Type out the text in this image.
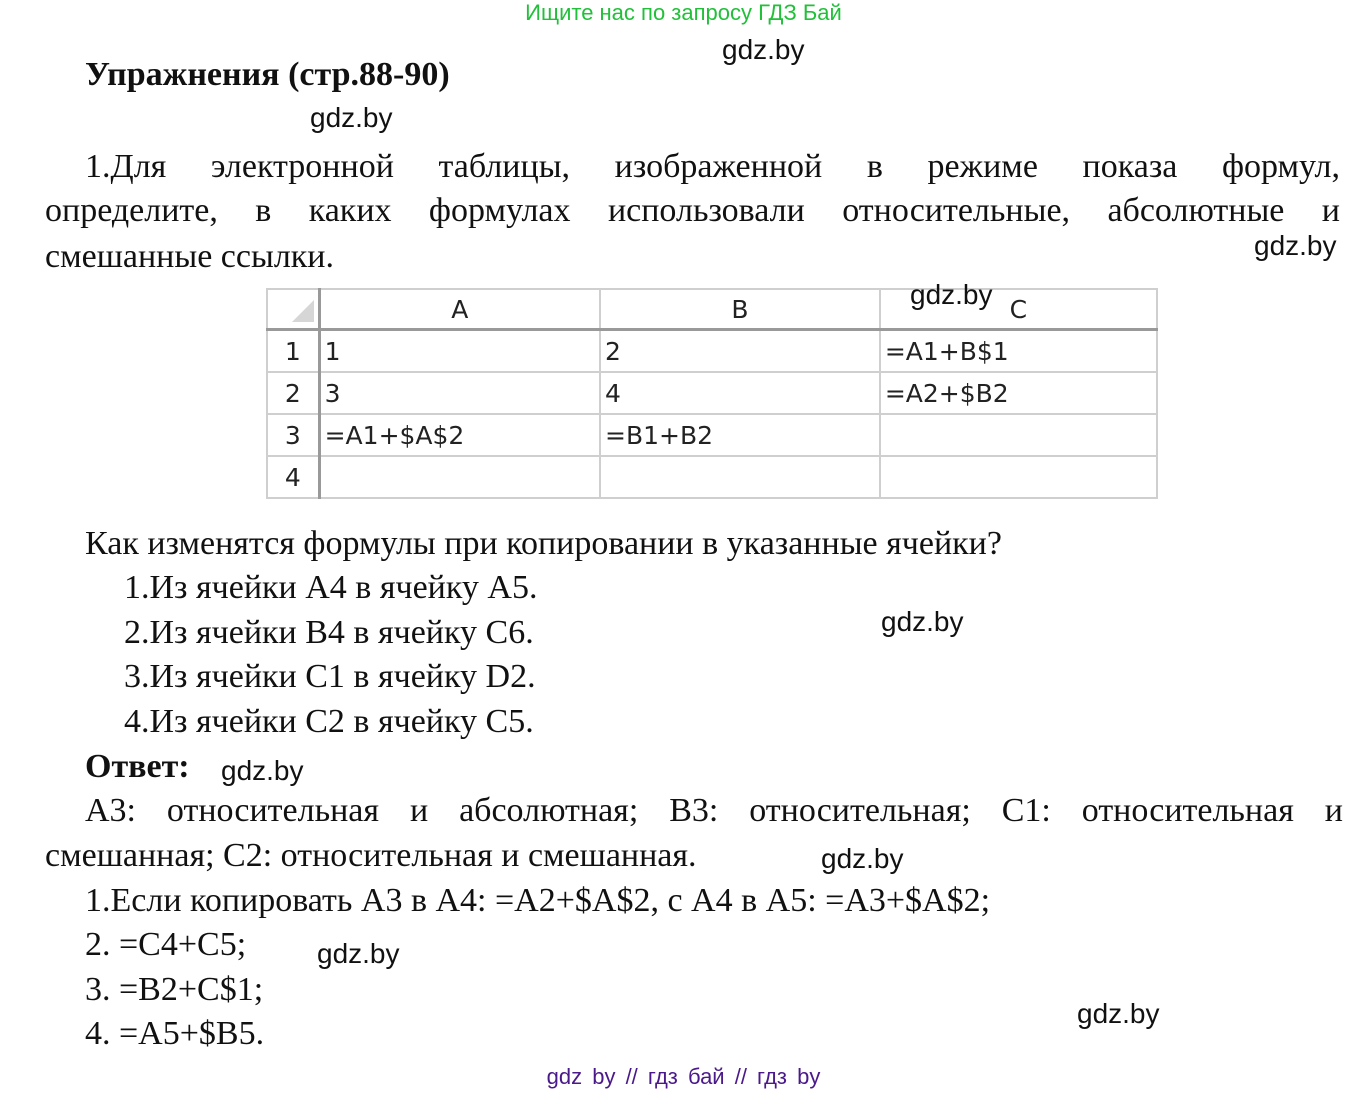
Ищите нас по запросу ГДЗ Бай
Упражнения (стр.88-90)
1.Для электронной таблицы, изображенной в режиме показа формул,
определите, в каких формулах использовали относительные, абсолютные и
смешанные ссылки.
	A	B	C
1	1	2	=A1+B$1
2	3	4	=A2+$B2
3	=A1+$A$2	=B1+B2	
4			
Как изменятся формулы при копировании в указанные ячейки?
1.Из ячейки А4 в ячейку А5.
2.Из ячейки В4 в ячейку С6.
3.Из ячейки С1 в ячейку D2.
4.Из ячейки С2 в ячейку С5.
Ответ:
А3: относительная и абсолютная; В3: относительная; С1: относительная и
смешанная; С2: относительная и смешанная.
1.Если копировать А3 в А4: =А2+$А$2, с А4 в А5: =А3+$А$2;
2. =С4+С5;
3. =В2+С$1;
4. =А5+$В5.
gdz.by
gdz.by
gdz.by
gdz.by
gdz.by
gdz.by
gdz.by
gdz.by
gdz.by
gdz by // гдз бай // гдз by
